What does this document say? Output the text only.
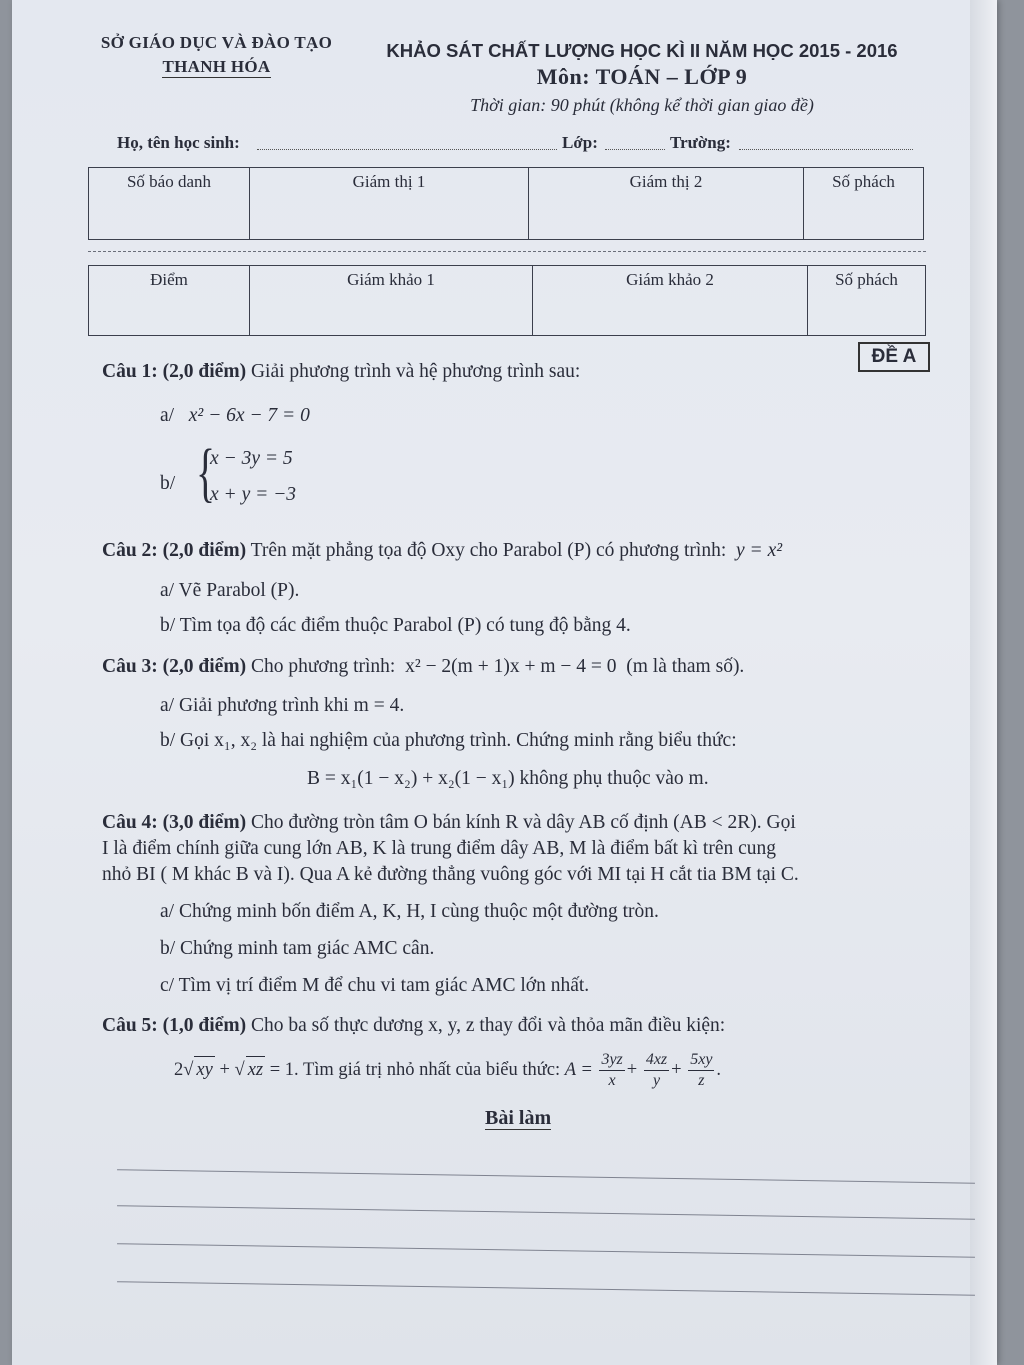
SỞ GIÁO DỤC VÀ ĐÀO TẠO
THANH HÓA
KHẢO SÁT CHẤT LƯỢNG HỌC KÌ II NĂM HỌC 2015 - 2016
Môn: TOÁN – LỚP 9
Thời gian: 90 phút (không kể thời gian giao đề)
Họ, tên học sinh:	Lớp:	Trường:
Số báo danh	Giám thị 1	Giám thị 2	Số phách
Điểm	Giám khảo 1	Giám khảo 2	Số phách
ĐỀ A
Câu 1: (2,0 điểm) Giải phương trình và hệ phương trình sau:
a/ x² − 6x − 7 = 0
b/ {
x − 3y = 5
x + y = −3
Câu 2: (2,0 điểm) Trên mặt phẳng tọa độ Oxy cho Parabol (P) có phương trình: y = x²
a/ Vẽ Parabol (P).
b/ Tìm tọa độ các điểm thuộc Parabol (P) có tung độ bằng 4.
Câu 3: (2,0 điểm) Cho phương trình: x² − 2(m + 1)x + m − 4 = 0 (m là tham số).
a/ Giải phương trình khi m = 4.
b/ Gọi x₁, x₂ là hai nghiệm của phương trình. Chứng minh rằng biểu thức:
B = x₁(1 − x₂) + x₂(1 − x₁) không phụ thuộc vào m.
Câu 4: (3,0 điểm) Cho đường tròn tâm O bán kính R và dây AB cố định (AB < 2R). Gọi
I là điểm chính giữa cung lớn AB, K là trung điểm dây AB, M là điểm bất kì trên cung
nhỏ BI ( M khác B và I). Qua A kẻ đường thẳng vuông góc với MI tại H cắt tia BM tại C.
a/ Chứng minh bốn điểm A, K, H, I cùng thuộc một đường tròn.
b/ Chứng minh tam giác AMC cân.
c/ Tìm vị trí điểm M để chu vi tam giác AMC lớn nhất.
Câu 5: (1,0 điểm) Cho ba số thực dương x, y, z thay đổi và thỏa mãn điều kiện:
2√ xy + √ xz = 1. Tìm giá trị nhỏ nhất của biểu thức: $A = \frac{3yz}{x} + \frac{4xz}{y} + \frac{5xy}{z}$ .
Bài làm
